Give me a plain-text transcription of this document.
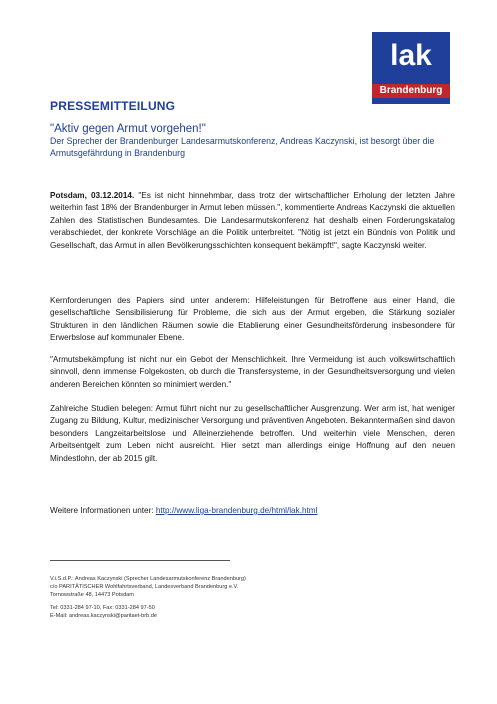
lak
Brandenburg
PRESSEMITTEILUNG
"Aktiv gegen Armut vorgehen!"
Der Sprecher der Brandenburger Landesarmutskonferenz, Andreas Kaczynski, ist besorgt über die Armutsgefährdung in Brandenburg
Potsdam, 03.12.2014. "Es ist nicht hinnehmbar, dass trotz der wirtschaftlicher Erholung der letzten Jahre weiterhin fast 18% der Brandenburger in Armut leben müssen.", kommentierte Andreas Kaczynski die aktuellen Zahlen des Statistischen Bundesamtes. Die Landesarmutskonferenz hat deshalb einen Forderungskatalog verabschiedet, der konkrete Vorschläge an die Politik unterbreitet. "Nötig ist jetzt ein Bündnis von Politik und Gesellschaft, das Armut in allen Bevölkerungsschichten konsequent bekämpft!", sagte Kaczynski weiter.
Kernforderungen des Papiers sind unter anderem: Hilfeleistungen für Betroffene aus einer Hand, die gesellschaftliche Sensibilisierung für Probleme, die sich aus der Armut ergeben, die Stärkung sozialer Strukturen in den ländlichen Räumen sowie die Etablierung einer Gesundheitsförderung insbesondere für Erwerbslose auf kommunaler Ebene.
"Armutsbekämpfung ist nicht nur ein Gebot der Menschlichkeit. Ihre Vermeidung ist auch volkswirtschaftlich sinnvoll, denn immense Folgekosten, ob durch die Transfersysteme, in der Gesundheitsversorgung und vielen anderen Bereichen könnten so minimiert werden."
Zahlreiche Studien belegen: Armut führt nicht nur zu gesellschaftlicher Ausgrenzung. Wer arm ist, hat weniger Zugang zu Bildung, Kultur, medizinischer Versorgung und präventiven Angeboten. Bekanntermaßen sind davon besonders Langzeitarbeitslose und Alleinerziehende betroffen. Und weiterhin viele Menschen, deren Arbeitsentgelt zum Leben nicht ausreicht. Hier setzt man allerdings einige Hoffnung auf den neuen Mindestlohn, der ab 2015 gilt.
Weitere Informationen unter: http://www.liga-brandenburg.de/html/lak.html
V.i.S.d.P.: Andreas Kaczynski (Sprecher Landesarmutskonferenz Brandenburg)
c/o PARITÄTISCHER Wohlfahrtsverband, Landesverband Brandenburg e.V.
Tornowstraße 48, 14473 Potsdam
Tel: 0331-284 97-10, Fax: 0331-284 97-50
E-Mail: andreas.kaczynski@paritaet-brb.de
